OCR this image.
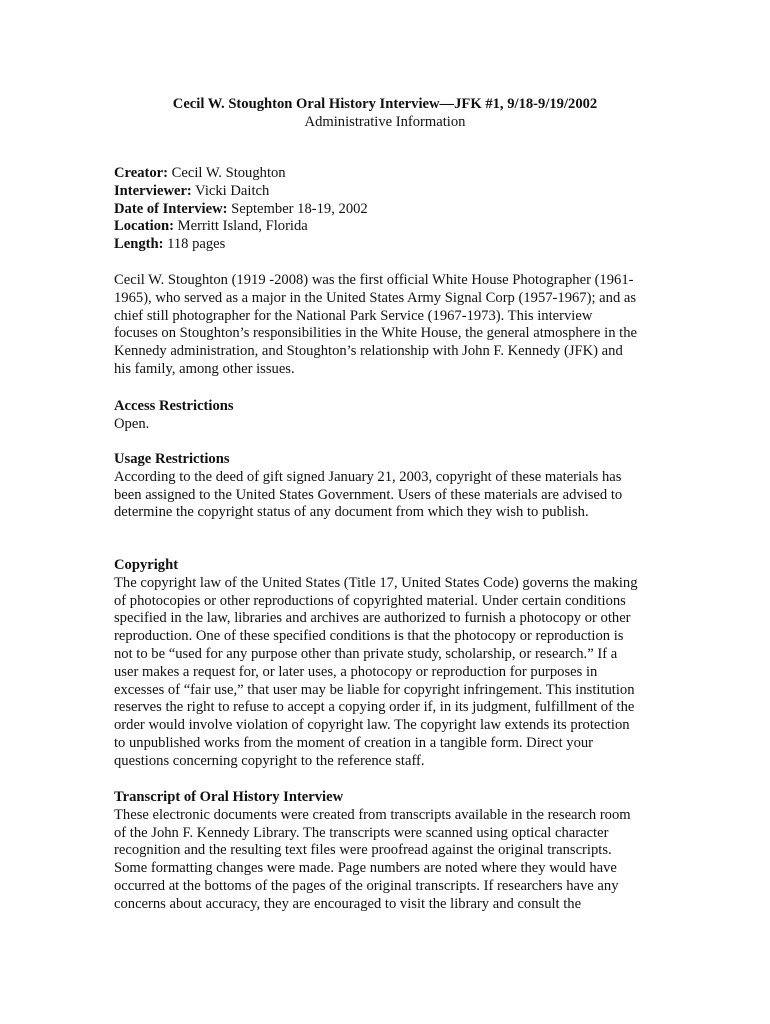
Cecil W. Stoughton Oral History Interview—JFK #1, 9/18-9/19/2002
Administrative Information
Creator: Cecil W. Stoughton
Interviewer: Vicki Daitch
Date of Interview: September 18-19, 2002
Location: Merritt Island, Florida
Length: 118 pages
Cecil W. Stoughton (1919 -2008) was the first official White House Photographer (1961-
1965), who served as a major in the United States Army Signal Corp (1957-1967); and as
chief still photographer for the National Park Service (1967-1973). This interview
focuses on Stoughton’s responsibilities in the White House, the general atmosphere in the
Kennedy administration, and Stoughton’s relationship with John F. Kennedy (JFK) and
his family, among other issues.
Access Restrictions
Open.
Usage Restrictions
According to the deed of gift signed January 21, 2003, copyright of these materials has
been assigned to the United States Government. Users of these materials are advised to
determine the copyright status of any document from which they wish to publish.
Copyright
The copyright law of the United States (Title 17, United States Code) governs the making
of photocopies or other reproductions of copyrighted material. Under certain conditions
specified in the law, libraries and archives are authorized to furnish a photocopy or other
reproduction. One of these specified conditions is that the photocopy or reproduction is
not to be “used for any purpose other than private study, scholarship, or research.” If a
user makes a request for, or later uses, a photocopy or reproduction for purposes in
excesses of “fair use,” that user may be liable for copyright infringement. This institution
reserves the right to refuse to accept a copying order if, in its judgment, fulfillment of the
order would involve violation of copyright law. The copyright law extends its protection
to unpublished works from the moment of creation in a tangible form. Direct your
questions concerning copyright to the reference staff.
Transcript of Oral History Interview
These electronic documents were created from transcripts available in the research room
of the John F. Kennedy Library. The transcripts were scanned using optical character
recognition and the resulting text files were proofread against the original transcripts.
Some formatting changes were made. Page numbers are noted where they would have
occurred at the bottoms of the pages of the original transcripts. If researchers have any
concerns about accuracy, they are encouraged to visit the library and consult the
